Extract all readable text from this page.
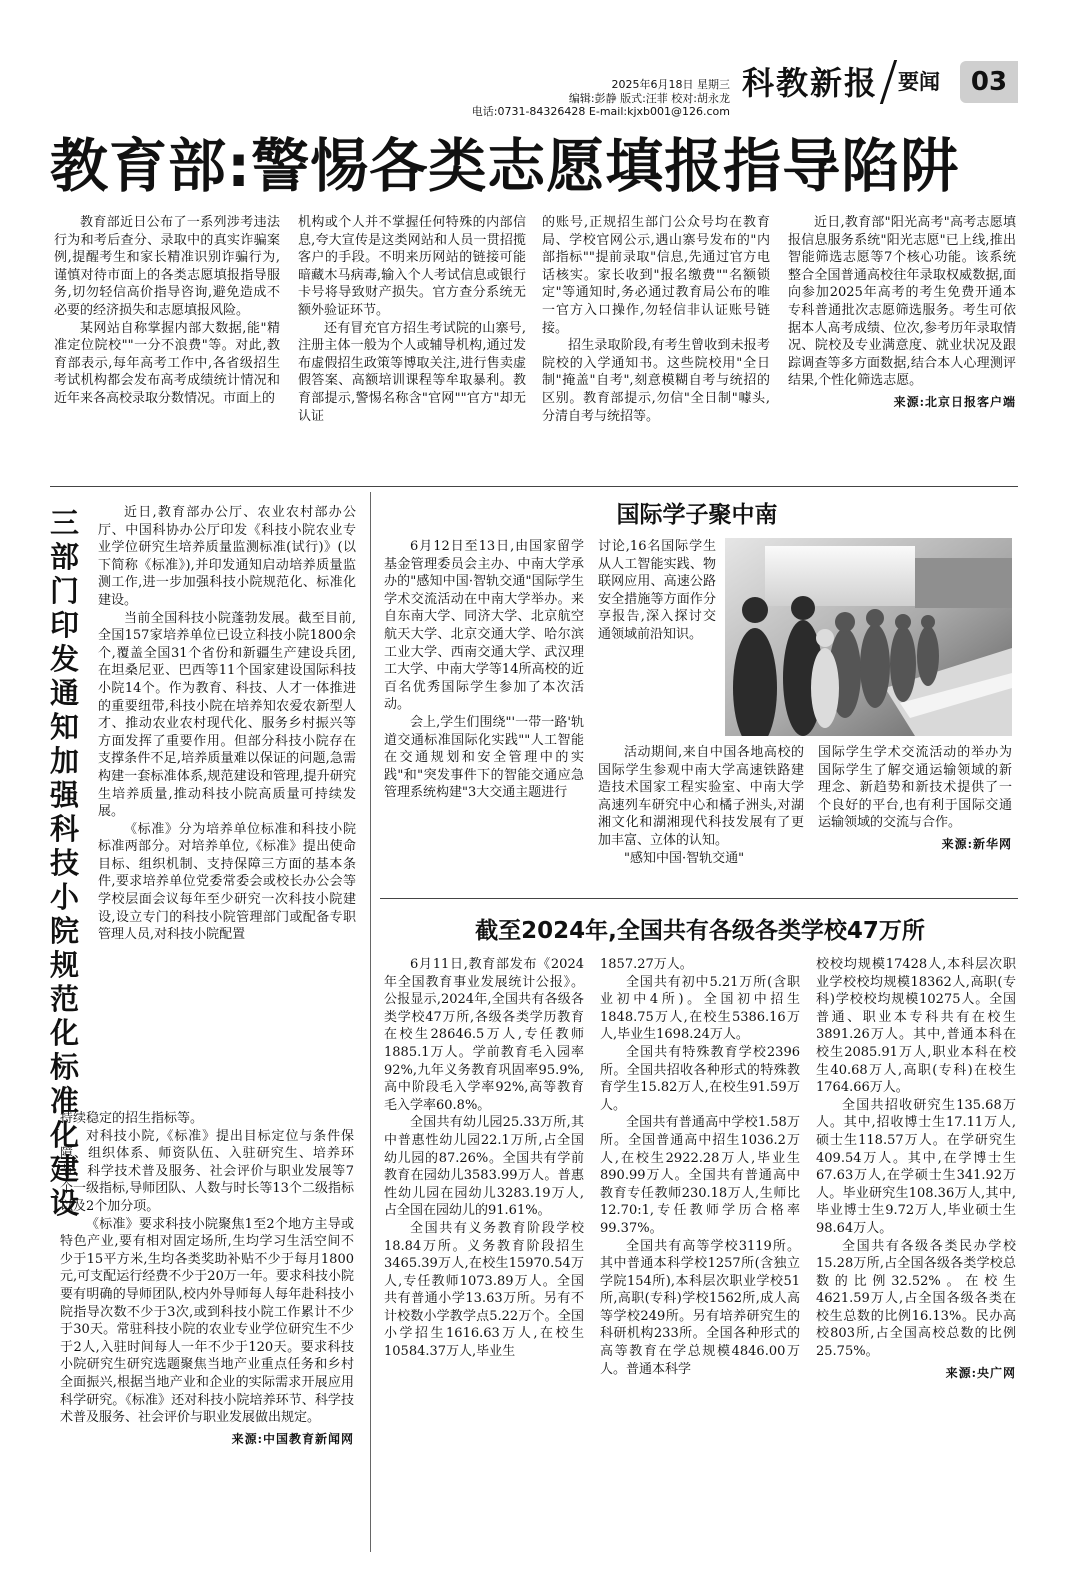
2025年6月18日 星期三
编辑:彭静 版式:汪菲 校对:胡永龙
电话:0731-84326428 E-mail:kjxb001@126.com
科教新报 要闻	03
教育部:警惕各类志愿填报指导陷阱

教育部近日公布了一系列涉考违法行为和考后查分、录取中的真实诈骗案例,提醒考生和家长精准识别诈骗行为,谨慎对待市面上的各类志愿填报指导服务,切勿轻信高价指导咨询,避免造成不必要的经济损失和志愿填报风险。

某网站自称掌握内部大数据,能"精准定位院校""一分不浪费"等。对此,教育部表示,每年高考工作中,各省级招生考试机构都会发布高考成绩统计情况和近年来各高校录取分数情况。市面上的

机构或个人并不掌握任何特殊的内部信息,夸大宣传是这类网站和人员一贯招揽客户的手段。不明来历网站的链接可能暗藏木马病毒,输入个人考试信息或银行卡号将导致财产损失。官方查分系统无额外验证环节。

还有冒充官方招生考试院的山寨号,注册主体一般为个人或辅导机构,通过发布虚假招生政策等博取关注,进行售卖虚假答案、高额培训课程等牟取暴利。教育部提示,警惕名称含"官网""官方"却无认证

的账号,正规招生部门公众号均在教育局、学校官网公示,遇山寨号发布的"内部指标""提前录取"信息,先通过官方电话核实。家长收到"报名缴费""名额锁定"等通知时,务必通过教育局公布的唯一官方入口操作,勿轻信非认证账号链接。

招生录取阶段,有考生曾收到未报考院校的入学通知书。这些院校用"全日制"掩盖"自考",刻意模糊自考与统招的区别。教育部提示,勿信"全日制"噱头,分清自考与统招等。

近日,教育部"阳光高考"高考志愿填报信息服务系统"阳光志愿"已上线,推出智能筛选志愿等7个核心功能。该系统整合全国普通高校往年录取权威数据,面向参加2025年高考的考生免费开通本专科普通批次志愿筛选服务。考生可依据本人高考成绩、位次,参考历年录取情况、院校及专业满意度、就业状况及跟踪调查等多方面数据,结合本人心理测评结果,个性化筛选志愿。

来源:北京日报客户端
三部门印发通知加强科技小院规范化标准化建设

近日,教育部办公厅、农业农村部办公厅、中国科协办公厅印发《科技小院农业专业学位研究生培养质量监测标准(试行)》(以下简称《标准》),并印发通知启动培养质量监测工作,进一步加强科技小院规范化、标准化建设。

当前全国科技小院蓬勃发展。截至目前,全国157家培养单位已设立科技小院1800余个,覆盖全国31个省份和新疆生产建设兵团,在坦桑尼亚、巴西等11个国家建设国际科技小院14个。作为教育、科技、人才一体推进的重要纽带,科技小院在培养知农爱农新型人才、推动农业农村现代化、服务乡村振兴等方面发挥了重要作用。但部分科技小院存在支撑条件不足,培养质量难以保证的问题,急需构建一套标准体系,规范建设和管理,提升研究生培养质量,推动科技小院高质量可持续发展。

《标准》分为培养单位标准和科技小院标准两部分。对培养单位,《标准》提出使命目标、组织机制、支持保障三方面的基本条件,要求培养单位党委常委会或校长办公会等学校层面会议每年至少研究一次科技小院建设,设立专门的科技小院管理部门或配备专职管理人员,对科技小院配置

持续稳定的招生指标等。

对科技小院,《标准》提出目标定位与条件保障、组织体系、师资队伍、入驻研究生、培养环节、科学技术普及服务、社会评价与职业发展等7个一级指标,导师团队、人数与时长等13个二级指标以及2个加分项。

《标准》要求科技小院聚焦1至2个地方主导或特色产业,要有相对固定场所,生均学习生活空间不少于15平方米,生均各类奖助补贴不少于每月1800元,可支配运行经费不少于20万一年。要求科技小院要有明确的导师团队,校内外导师每人每年赴科技小院指导次数不少于3次,或到科技小院工作累计不少于30天。常驻科技小院的农业专业学位研究生不少于2人,入驻时间每人一年不少于120天。要求科技小院研究生研究选题聚焦当地产业重点任务和乡村全面振兴,根据当地产业和企业的实际需求开展应用科学研究。《标准》还对科技小院培养环节、科学技术普及服务、社会评价与职业发展做出规定。

来源:中国教育新闻网
国际学子聚中南

6月12日至13日,由国家留学基金管理委员会主办、中南大学承办的"感知中国·智轨交通"国际学生学术交流活动在中南大学举办。来自东南大学、同济大学、北京航空航天大学、北京交通大学、哈尔滨工业大学、西南交通大学、武汉理工大学、中南大学等14所高校的近百名优秀国际学生参加了本次活动。

会上,学生们围绕"'一带一路'轨道交通标准国际化实践""人工智能在交通规划和安全管理中的实践"和"突发事件下的智能交通应急管理系统构建"3大交通主题进行

讨论,16名国际学生从人工智能实践、物联网应用、高速公路安全措施等方面作分享报告,深入探讨交通领域前沿知识。

活动期间,来自中国各地高校的国际学生参观中南大学高速铁路建造技术国家工程实验室、中南大学高速列车研究中心和橘子洲头,对湖湘文化和湖湘现代科技发展有了更加丰富、立体的认知。

"感知中国·智轨交通"

国际学生学术交流活动的举办为国际学生了解交通运输领域的新理念、新趋势和新技术提供了一个良好的平台,也有利于国际交通运输领域的交流与合作。

来源:新华网
截至2024年,全国共有各级各类学校47万所

6月11日,教育部发布《2024年全国教育事业发展统计公报》。公报显示,2024年,全国共有各级各类学校47万所,各级各类学历教育在校生28646.5万人,专任教师1885.1万人。学前教育毛入园率92%,九年义务教育巩固率95.9%,高中阶段毛入学率92%,高等教育毛入学率60.8%。

全国共有幼儿园25.33万所,其中普惠性幼儿园22.1万所,占全国幼儿园的87.26%。全国共有学前教育在园幼儿3583.99万人。普惠性幼儿园在园幼儿3283.19万人,占全国在园幼儿的91.61%。

全国共有义务教育阶段学校18.84万所。义务教育阶段招生3465.39万人,在校生15970.54万人,专任教师1073.89万人。全国共有普通小学13.63万所。另有不计校数小学教学点5.22万个。全国小学招生1616.63万人,在校生10584.37万人,毕业生

1857.27万人。

全国共有初中5.21万所(含职业初中4所)。全国初中招生1848.75万人,在校生5386.16万人,毕业生1698.24万人。

全国共有特殊教育学校2396所。全国共招收各种形式的特殊教育学生15.82万人,在校生91.59万人。

全国共有普通高中学校1.58万所。全国普通高中招生1036.2万人,在校生2922.28万人,毕业生890.99万人。全国共有普通高中教育专任教师230.18万人,生师比12.70:1,专任教师学历合格率99.37%。

全国共有高等学校3119所。其中普通本科学校1257所(含独立学院154所),本科层次职业学校51所,高职(专科)学校1562所,成人高等学校249所。另有培养研究生的科研机构233所。全国各种形式的高等教育在学总规模4846.00万人。普通本科学

校校均规模17428人,本科层次职业学校校均规模18362人,高职(专科)学校校均规模10275人。全国普通、职业本专科共有在校生3891.26万人。其中,普通本科在校生2085.91万人,职业本科在校生40.68万人,高职(专科)在校生1764.66万人。

全国共招收研究生135.68万人。其中,招收博士生17.11万人,硕士生118.57万人。在学研究生409.54万人。其中,在学博士生67.63万人,在学硕士生341.92万人。毕业研究生108.36万人,其中,毕业博士生9.72万人,毕业硕士生98.64万人。

全国共有各级各类民办学校15.28万所,占全国各级各类学校总数的比例32.52%。在校生4621.59万人,占全国各级各类在校生总数的比例16.13%。民办高校803所,占全国高校总数的比例25.75%。

来源:央广网
